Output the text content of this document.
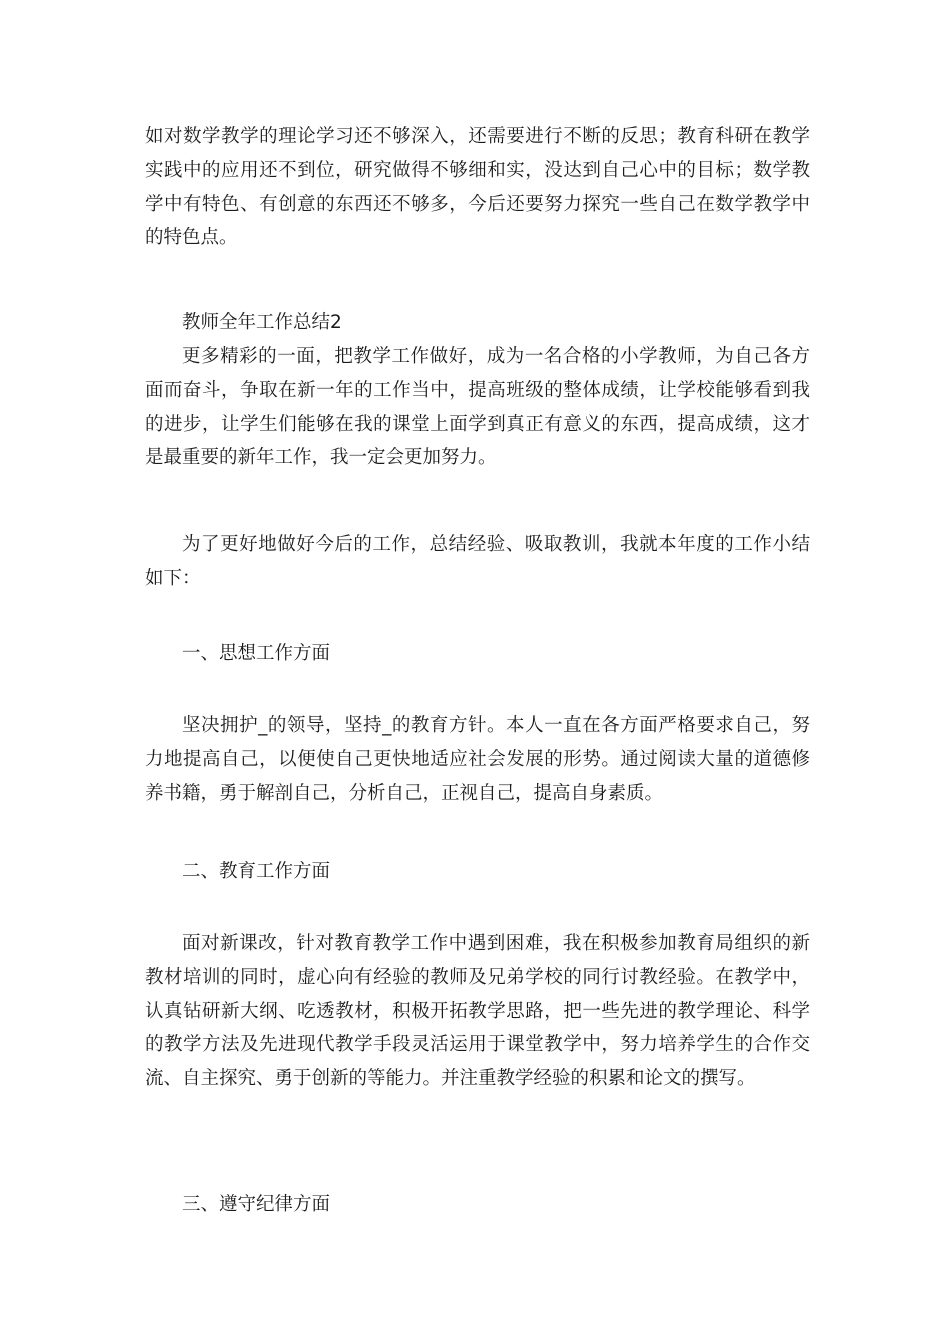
如对数学教学的理论学习还不够深入，还需要进行不断的反思；教育科研在教学实践中的应用还不到位，研究做得不够细和实，没达到自己心中的目标；数学教学中有特色、有创意的东西还不够多，今后还要努力探究一些自己在数学教学中的特色点。

教师全年工作总结2

更多精彩的一面，把教学工作做好，成为一名合格的小学教师，为自己各方面而奋斗，争取在新一年的工作当中，提高班级的整体成绩，让学校能够看到我的进步，让学生们能够在我的课堂上面学到真正有意义的东西，提高成绩，这才是最重要的新年工作，我一定会更加努力。

为了更好地做好今后的工作，总结经验、吸取教训，我就本年度的工作小结如下：

一、思想工作方面

坚决拥护_的领导，坚持_的教育方针。本人一直在各方面严格要求自己，努力地提高自己，以便使自己更快地适应社会发展的形势。通过阅读大量的道德修养书籍，勇于解剖自己，分析自己，正视自己，提高自身素质。

二、教育工作方面

面对新课改，针对教育教学工作中遇到困难，我在积极参加教育局组织的新教材培训的同时，虚心向有经验的教师及兄弟学校的同行讨教经验。在教学中，认真钻研新大纲、吃透教材，积极开拓教学思路，把一些先进的教学理论、科学的教学方法及先进现代教学手段灵活运用于课堂教学中，努力培养学生的合作交流、自主探究、勇于创新的等能力。并注重教学经验的积累和论文的撰写。

三、遵守纪律方面
